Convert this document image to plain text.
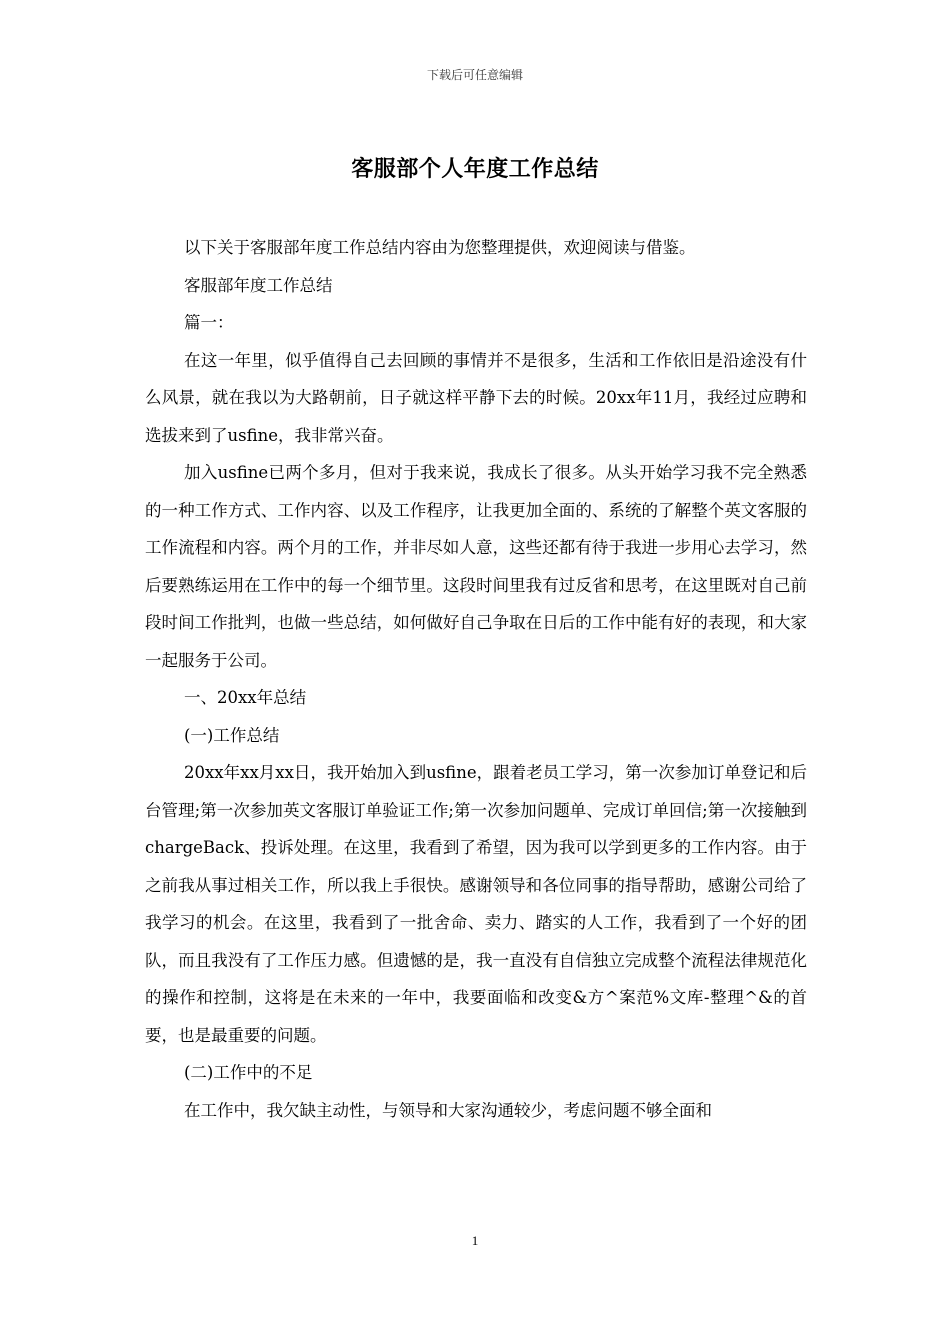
下载后可任意编辑
客服部个人年度工作总结

以下关于客服部年度工作总结内容由为您整理提供，欢迎阅读与借鉴。

客服部年度工作总结

篇一：

在这一年里，似乎值得自己去回顾的事情并不是很多，生活和工作依旧是沿途没有什么风景，就在我以为大路朝前，日子就这样平静下去的时候。20xx年11月，我经过应聘和选拔来到了usfine，我非常兴奋。

加入usfine已两个多月，但对于我来说，我成长了很多。从头开始学习我不完全熟悉的一种工作方式、工作内容、以及工作程序，让我更加全面的、系统的了解整个英文客服的工作流程和内容。两个月的工作，并非尽如人意，这些还都有待于我进一步用心去学习，然后要熟练运用在工作中的每一个细节里。这段时间里我有过反省和思考，在这里既对自己前段时间工作批判，也做一些总结，如何做好自己争取在日后的工作中能有好的表现，和大家一起服务于公司。

一、20xx年总结

(一)工作总结

20xx年xx月xx日，我开始加入到usfine，跟着老员工学习，第一次参加订单登记和后台管理;第一次参加英文客服订单验证工作;第一次参加问题单、完成订单回信;第一次接触到chargeBack、投诉处理。在这里，我看到了希望，因为我可以学到更多的工作内容。由于之前我从事过相关工作，所以我上手很快。感谢领导和各位同事的指导帮助，感谢公司给了我学习的机会。在这里，我看到了一批舍命、卖力、踏实的人工作，我看到了一个好的团队，而且我没有了工作压力感。但遗憾的是，我一直没有自信独立完成整个流程法律规范化的操作和控制，这将是在未来的一年中，我要面临和改变&方^案范%文库-整理^&的首要，也是最重要的问题。

(二)工作中的不足

在工作中，我欠缺主动性，与领导和大家沟通较少，考虑问题不够全面和

1
